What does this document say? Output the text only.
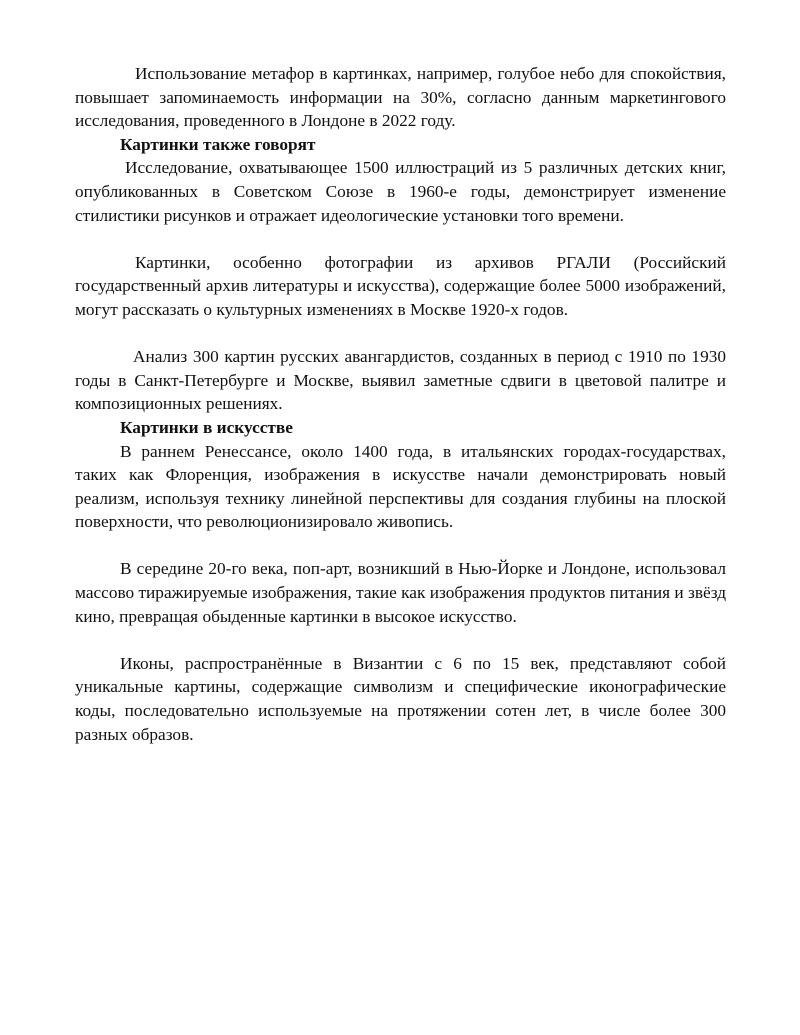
Использование метафор в картинках, например, голубое небо для спокойствия, повышает запоминаемость информации на 30%, согласно данным маркетингового исследования, проведенного в Лондоне в 2022 году.

Картинки также говорят

Исследование, охватывающее 1500 иллюстраций из 5 различных детских книг, опубликованных в Советском Союзе в 1960-е годы, демонстрирует изменение стилистики рисунков и отражает идеологические установки того времени.

Картинки, особенно фотографии из архивов РГАЛИ (Российский государственный архив литературы и искусства), содержащие более 5000 изображений, могут рассказать о культурных изменениях в Москве 1920-х годов.

Анализ 300 картин русских авангардистов, созданных в период с 1910 по 1930 годы в Санкт-Петербурге и Москве, выявил заметные сдвиги в цветовой палитре и композиционных решениях.

Картинки в искусстве

В раннем Ренессансе, около 1400 года, в итальянских городах-государствах, таких как Флоренция, изображения в искусстве начали демонстрировать новый реализм, используя технику линейной перспективы для создания глубины на плоской поверхности, что революционизировало живопись.

В середине 20-го века, поп-арт, возникший в Нью-Йорке и Лондоне, использовал массово тиражируемые изображения, такие как изображения продуктов питания и звёзд кино, превращая обыденные картинки в высокое искусство.

Иконы, распространённые в Византии с 6 по 15 век, представляют собой уникальные картины, содержащие символизм и специфические иконографические коды, последовательно используемые на протяжении сотен лет, в числе более 300 разных образов.
